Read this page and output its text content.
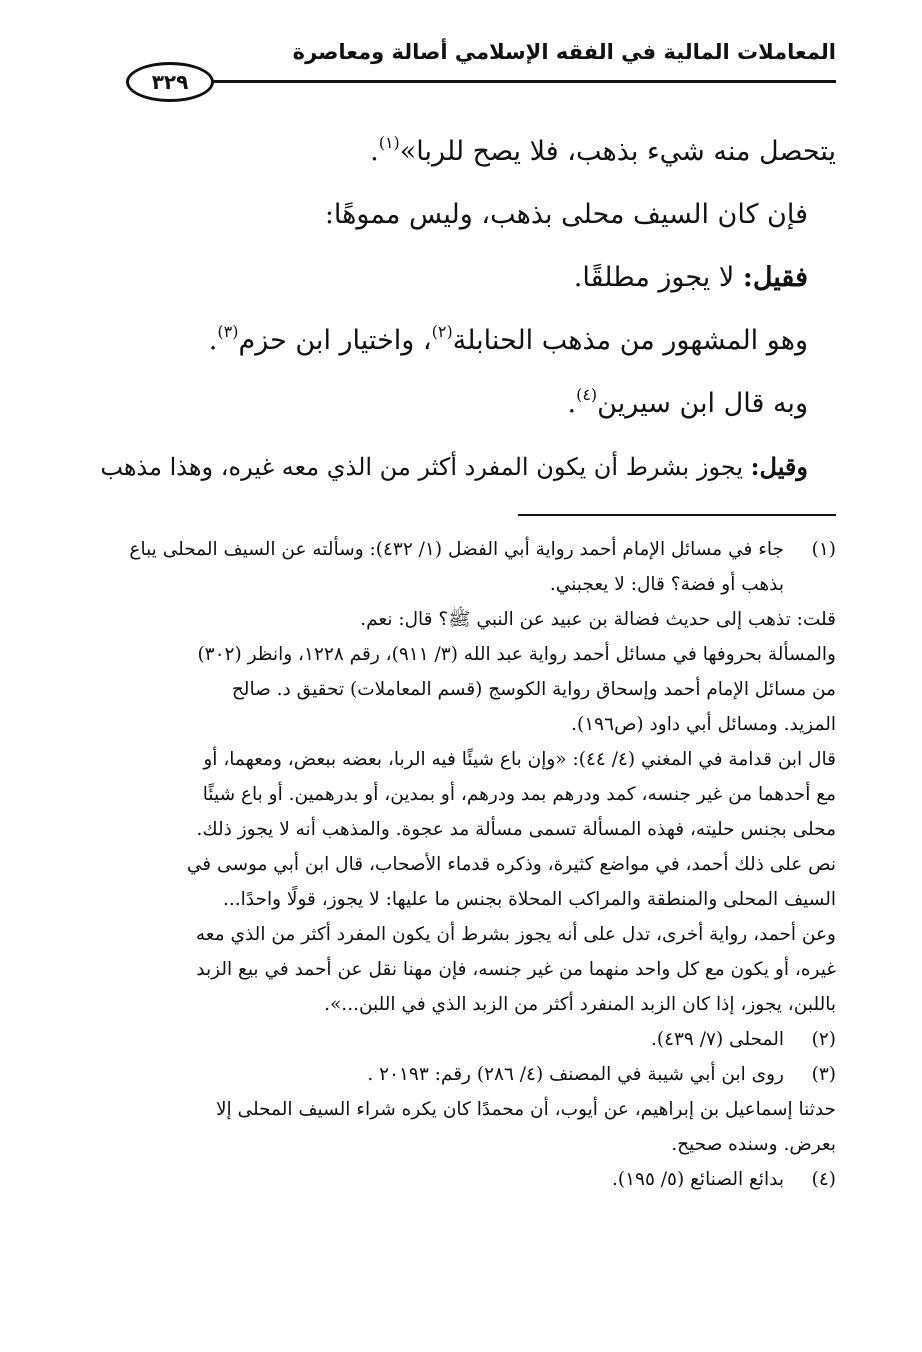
المعاملات المالية في الفقه الإسلامي أصالة ومعاصرة
٣٢٩

يتحصل منه شيء بذهب، فلا يصح للربا»$^{(١)}$.

فإن كان السيف محلى بذهب، وليس مموهًا:

فقيل: لا يجوز مطلقًا.

وهو المشهور من مذهب الحنابلة$^{(٢)}$، واختيار ابن حزم$^{(٣)}$.

وبه قال ابن سيرين$^{(٤)}$.

وقيل: يجوز بشرط أن يكون المفرد أكثر من الذي معه غيره، وهذا مذهب

(١)
جاء في مسائل الإمام أحمد رواية أبي الفضل (١/ ٤٣٢): وسألته عن السيف المحلى يباع
بذهب أو فضة؟ قال: لا يعجبني.
قلت: تذهب إلى حديث فضالة بن عبيد عن النبي ﷺ؟ قال: نعم.
والمسألة بحروفها في مسائل أحمد رواية عبد الله (٣/ ٩١١)، رقم ١٢٢٨، وانظر (٣٠٢)
من مسائل الإمام أحمد وإسحاق رواية الكوسج (قسم المعاملات) تحقيق د. صالح
المزيد. ومسائل أبي داود (ص١٩٦).
قال ابن قدامة في المغني (٤/ ٤٤): «وإن باع شيئًا فيه الربا، بعضه ببعض، ومعهما، أو
مع أحدهما من غير جنسه، كمد ودرهم بمد ودرهم، أو بمدين، أو بدرهمين. أو باع شيئًا
محلى بجنس حليته، فهذه المسألة تسمى مسألة مد عجوة. والمذهب أنه لا يجوز ذلك.
نص على ذلك أحمد، في مواضع كثيرة، وذكره قدماء الأصحاب، قال ابن أبي موسى في
السيف المحلى والمنطقة والمراكب المحلاة بجنس ما عليها: لا يجوز، قولًا واحدًا...
وعن أحمد، رواية أخرى، تدل على أنه يجوز بشرط أن يكون المفرد أكثر من الذي معه
غيره، أو يكون مع كل واحد منهما من غير جنسه، فإن مهنا نقل عن أحمد في بيع الزبد
باللبن، يجوز، إذا كان الزبد المنفرد أكثر من الزبد الذي في اللبن...».
(٢)
المحلى (٧/ ٤٣٩).
(٣)
روى ابن أبي شيبة في المصنف (٤/ ٢٨٦) رقم: ٢٠١٩٣ .
حدثنا إسماعيل بن إبراهيم، عن أيوب، أن محمدًا كان يكره شراء السيف المحلى إلا
بعرض. وسنده صحيح.
(٤)
بدائع الصنائع (٥/ ١٩٥).
